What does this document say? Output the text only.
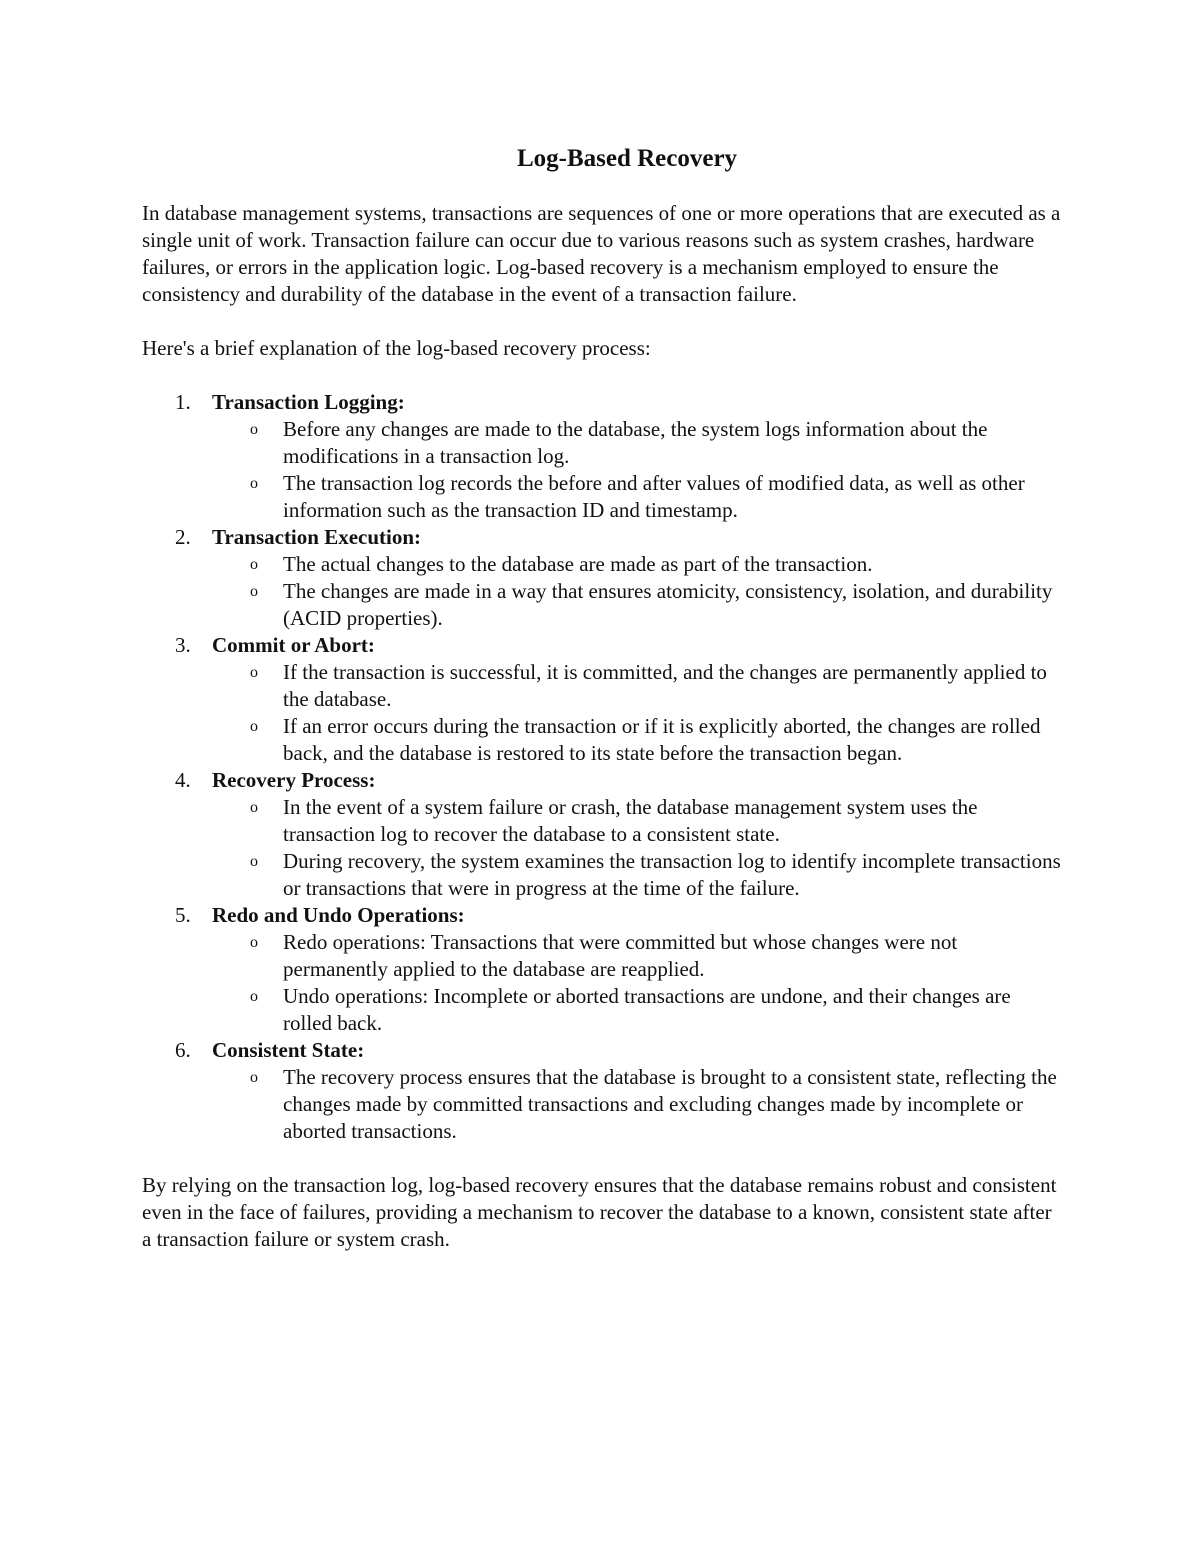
Log-Based Recovery

In database management systems, transactions are sequences of one or more operations that are executed as a single unit of work. Transaction failure can occur due to various reasons such as system crashes, hardware failures, or errors in the application logic. Log-based recovery is a mechanism employed to ensure the consistency and durability of the database in the event of a transaction failure.

Here's a brief explanation of the log-based recovery process:

1. Transaction Logging:
o Before any changes are made to the database, the system logs information about the modifications in a transaction log.
o The transaction log records the before and after values of modified data, as well as other information such as the transaction ID and timestamp.
2. Transaction Execution:
o The actual changes to the database are made as part of the transaction.
o The changes are made in a way that ensures atomicity, consistency, isolation, and durability (ACID properties).
3. Commit or Abort:
o If the transaction is successful, it is committed, and the changes are permanently applied to the database.
o If an error occurs during the transaction or if it is explicitly aborted, the changes are rolled back, and the database is restored to its state before the transaction began.
4. Recovery Process:
o In the event of a system failure or crash, the database management system uses the transaction log to recover the database to a consistent state.
o During recovery, the system examines the transaction log to identify incomplete transactions or transactions that were in progress at the time of the failure.
5. Redo and Undo Operations:
o Redo operations: Transactions that were committed but whose changes were not permanently applied to the database are reapplied.
o Undo operations: Incomplete or aborted transactions are undone, and their changes are rolled back.
6. Consistent State:
o The recovery process ensures that the database is brought to a consistent state, reflecting the changes made by committed transactions and excluding changes made by incomplete or aborted transactions.

By relying on the transaction log, log-based recovery ensures that the database remains robust and consistent even in the face of failures, providing a mechanism to recover the database to a known, consistent state after a transaction failure or system crash.
